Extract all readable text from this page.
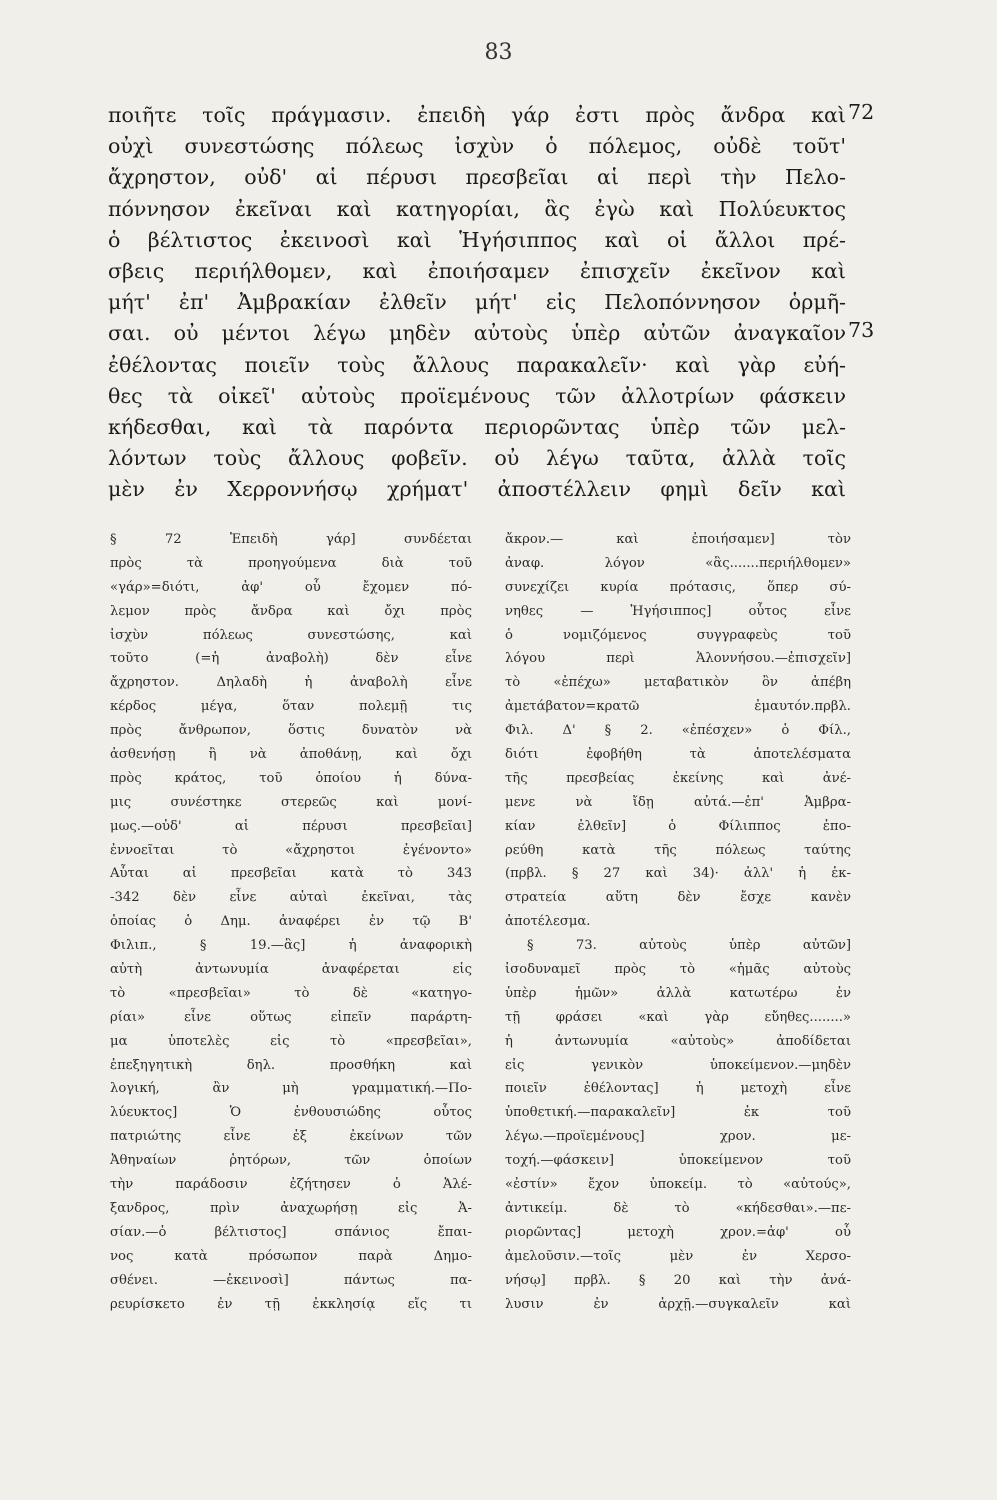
83
ποιῆτε τοῖς πράγμασιν. ἐπειδὴ γάρ ἐστι πρὸς ἄνδρα καὶ
οὐχὶ συνεστώσης πόλεως ἰσχὺν ὁ πόλεμος, οὐδὲ τοῦτ'
ἄχρηστον, οὐδ' αἱ πέρυσι πρεσβεῖαι αἱ περὶ τὴν Πελο-
πόννησον ἐκεῖναι καὶ κατηγορίαι, ἃς ἐγὼ καὶ Πολύευκτος
ὁ βέλτιστος ἐκεινοσὶ καὶ Ἡγήσιππος καὶ οἱ ἄλλοι πρέ-
σβεις περιήλθομεν, καὶ ἐποιήσαμεν ἐπισχεῖν ἐκεῖνον καὶ
μήτ' ἐπ' Ἀμβρακίαν ἐλθεῖν μήτ' εἰς Πελοπόννησον ὁρμῆ-
σαι. οὐ μέντοι λέγω μηδὲν αὐτοὺς ὑπὲρ αὐτῶν ἀναγκαῖον
ἐθέλοντας ποιεῖν τοὺς ἄλλους παρακαλεῖν· καὶ γὰρ εὐή-
θες τὰ οἰκεῖ' αὐτοὺς προϊεμένους τῶν ἀλλοτρίων φάσκειν
κήδεσθαι, καὶ τὰ παρόντα περιορῶντας ὑπὲρ τῶν μελ-
λόντων τοὺς ἄλλους φοβεῖν. οὐ λέγω ταῦτα, ἀλλὰ τοῖς
μὲν ἐν Χερροννήσῳ χρήματ' ἀποστέλλειν φημὶ δεῖν καὶ
72
73
§ 72 Ἐπειδὴ γάρ] συνδέεται
πρὸς τὰ προηγούμενα διὰ τοῦ
«γάρ»=διότι, ἀφ' οὗ ἔχομεν πό-
λεμον πρὸς ἄνδρα καὶ ὄχι πρὸς
ἰσχὺν πόλεως συνεστώσης, καὶ
τοῦτο (=ἡ ἀναβολὴ) δὲν εἶνε
ἄχρηστον. Δηλαδὴ ἡ ἀναβολὴ εἶνε
κέρδος μέγα, ὅταν πολεμῇ τις
πρὸς ἄνθρωπον, ὅστις δυνατὸν νὰ
ἀσθενήσῃ ἢ νὰ ἀποθάνῃ, καὶ ὄχι
πρὸς κράτος, τοῦ ὁποίου ἡ δύνα-
μις συνέστηκε στερεῶς καὶ μονί-
μως.—οὐδ' αἱ πέρυσι πρεσβεῖαι]
ἐννοεῖται τὸ «ἄχρηστοι ἐγένοντο»
Αὗται αἱ πρεσβεῖαι κατὰ τὸ 343
-342 δὲν εἶνε αὐταὶ ἐκεῖναι, τὰς
ὁποίας ὁ Δημ. ἀναφέρει ἐν τῷ Β'
Φιλιπ., § 19.—ἃς] ἡ ἀναφορικὴ
αὐτὴ ἀντωνυμία ἀναφέρεται εἰς
τὸ «πρεσβεῖαι» τὸ δὲ «κατηγο-
ρίαι» εἶνε οὕτως εἰπεῖν παράρτη-
μα ὑποτελὲς εἰς τὸ «πρεσβεῖαι»,
ἐπεξηγητικὴ δηλ. προσθήκη καὶ
λογική, ἂν μὴ γραμματική.—Πο-
λύευκτος] Ὁ ἐνθουσιώδης οὗτος
πατριώτης εἶνε ἐξ ἐκείνων τῶν
Ἀθηναίων ῥητόρων, τῶν ὁποίων
τὴν παράδοσιν ἐζήτησεν ὁ Ἀλέ-
ξανδρος, πρὶν ἀναχωρήσῃ εἰς Ἀ-
σίαν.—ὁ βέλτιστος] σπάνιος ἔπαι-
νος κατὰ πρόσωπον παρὰ Δημο-
σθένει. —ἐκεινοσὶ] πάντως πα-
ρευρίσκετο ἐν τῇ ἐκκλησίᾳ εἴς τι
ἄκρον.— καὶ ἐποιήσαμεν] τὸν
ἀναφ. λόγον «ἃς.......περιήλθομεν»
συνεχίζει κυρία πρότασις, ὅπερ σύ-
νηθες — Ἡγήσιππος] οὗτος εἶνε
ὁ νομιζόμενος συγγραφεὺς τοῦ
λόγου περὶ Ἁλοννήσου.—ἐπισχεῖν]
τὸ «ἐπέχω» μεταβατικὸν ὂν ἀπέβη
ἀμετάβατον=κρατῶ ἐμαυτόν.πρβλ.
Φιλ. Δ' § 2. «ἐπέσχεν» ὁ Φίλ.,
διότι ἐφοβήθη τὰ ἀποτελέσματα
τῆς πρεσβείας ἐκείνης καὶ ἀνέ-
μενε νὰ ἴδῃ αὐτά.—ἐπ' Ἀμβρα-
κίαν ἐλθεῖν] ὁ Φίλιππος ἐπο-
ρεύθη κατὰ τῆς πόλεως ταύτης
(πρβλ. § 27 καὶ 34)· ἀλλ' ἡ ἐκ-
στρατεία αὕτη δὲν ἔσχε κανὲν
ἀποτέλεσμα.
§ 73. αὐτοὺς ὑπὲρ αὐτῶν]
ἰσοδυναμεῖ πρὸς τὸ «ἡμᾶς αὐτοὺς
ὑπὲρ ἡμῶν» ἀλλὰ κατωτέρω ἐν
τῇ φράσει «καὶ γὰρ εὔηθες........»
ἡ ἀντωνυμία «αὐτοὺς» ἀποδίδεται
εἰς γενικὸν ὑποκείμενον.—μηδὲν
ποιεῖν ἐθέλοντας] ἡ μετοχὴ εἶνε
ὑποθετική.—παρακαλεῖν] ἐκ τοῦ
λέγω.—προϊεμένους] χρον. με-
τοχή.—φάσκειν] ὑποκείμενον τοῦ
«ἐστίν» ἔχον ὑποκείμ. τὸ «αὐτούς»,
ἀντικείμ. δὲ τὸ «κήδεσθαι».—πε-
ριορῶντας] μετοχὴ χρον.=ἀφ' οὗ
ἀμελοῦσιν.—τοῖς μὲν ἐν Χερσο-
νήσῳ] πρβλ. § 20 καὶ τὴν ἀνά-
λυσιν ἐν ἀρχῇ.—συγκαλεῖν καὶ
